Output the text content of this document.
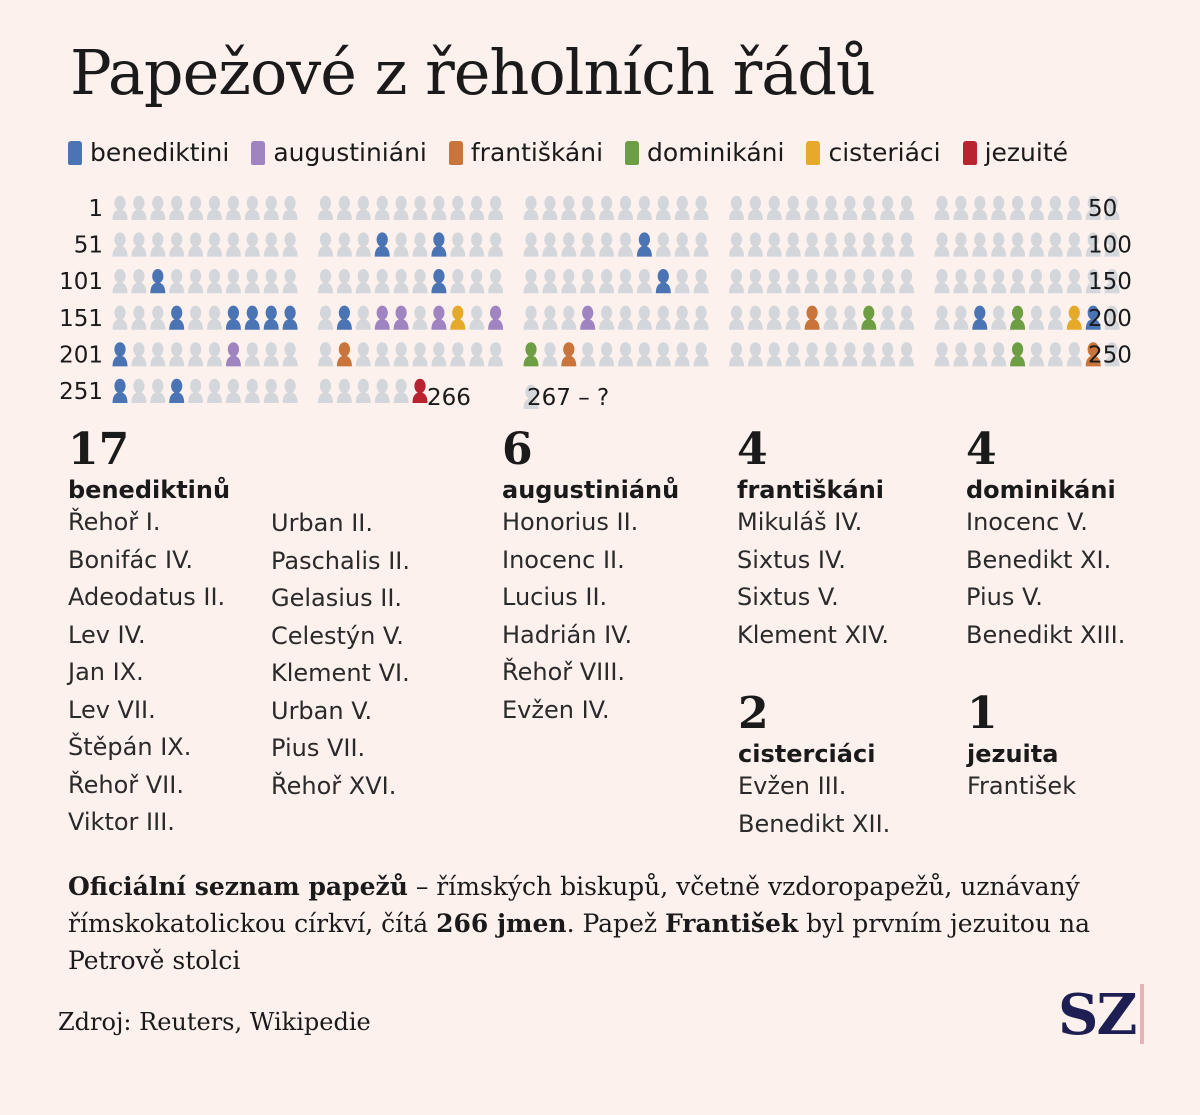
Papežové z řeholních řádů
benediktini augustiniáni františkáni dominikáni cisteriáci jezuité
1
51
101
151
201
251
50
100
150
200
250
266 267 – ?
17
benediktinů
Řehoř I.
Bonifác IV.
Adeodatus II.
Lev IV.
Jan IX.
Lev VII.
Štěpán IX.
Řehoř VII.
Viktor III.
Urban II.
Paschalis II.
Gelasius II.
Celestýn V.
Klement VI.
Urban V.
Pius VII.
Řehoř XVI.
6
augustiniánů
Honorius II.
Inocenc II.
Lucius II.
Hadrián IV.
Řehoř VIII.
Evžen IV.
4
františkáni
Mikuláš IV.
Sixtus IV.
Sixtus V.
Klement XIV.
4
dominikáni
Inocenc V.
Benedikt XI.
Pius V.
Benedikt XIII.
2
cisterciáci
Evžen III.
Benedikt XII.
1
jezuita
František

Oficiální seznam papežů – římských biskupů, včetně vzdoropapežů, uznávaný římskokatolickou církví, čítá 266 jmen. Papež František byl prvním jezuitou na Petrově stolci

Zdroj: Reuters, Wikipedie	SZ
